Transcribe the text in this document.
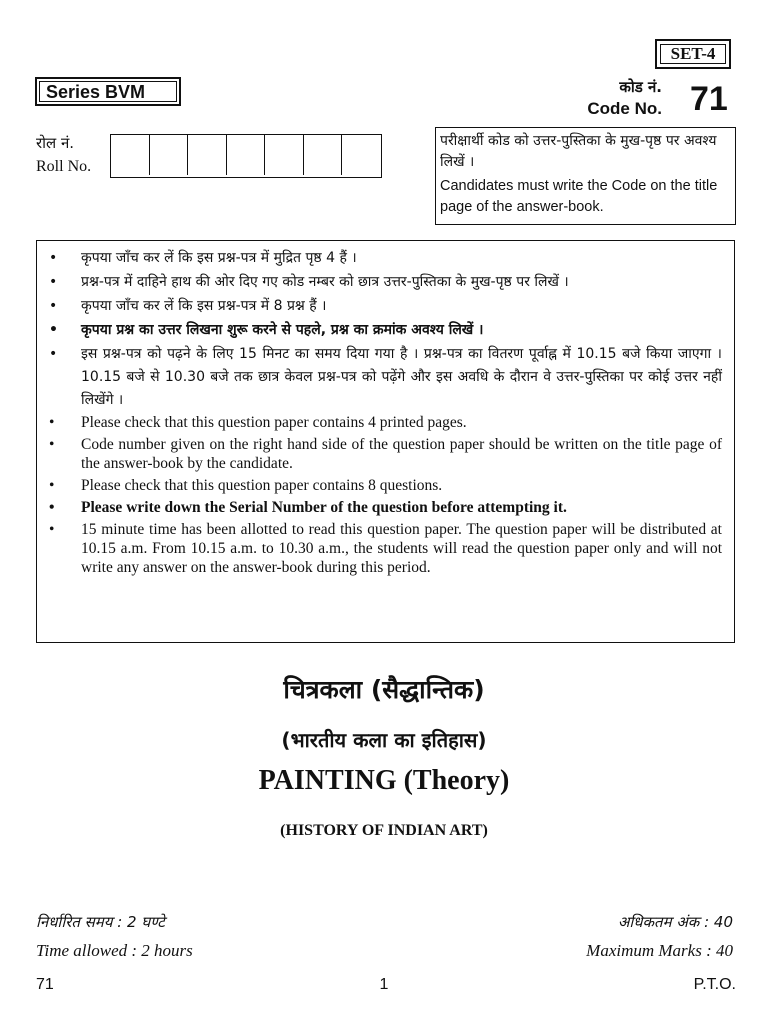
SET-4
Series BVM	कोड नं.
Code No. 71
रोल नं.
Roll No.
परीक्षार्थी कोड को उत्तर-पुस्तिका के मुख-पृष्ठ पर अवश्य लिखें ।
Candidates must write the Code on the title page of the answer-book.
• कृपया जाँच कर लें कि इस प्रश्न-पत्र में मुद्रित पृष्ठ 4 हैं ।
• प्रश्न-पत्र में दाहिने हाथ की ओर दिए गए कोड नम्बर को छात्र उत्तर-पुस्तिका के मुख-पृष्ठ पर लिखें ।
• कृपया जाँच कर लें कि इस प्रश्न-पत्र में 8 प्रश्न हैं ।
• कृपया प्रश्न का उत्तर लिखना शुरू करने से पहले, प्रश्न का क्रमांक अवश्य लिखें ।
• इस प्रश्न-पत्र को पढ़ने के लिए 15 मिनट का समय दिया गया है । प्रश्न-पत्र का वितरण पूर्वाह्न में 10.15 बजे किया जाएगा । 10.15 बजे से 10.30 बजे तक छात्र केवल प्रश्न-पत्र को पढ़ेंगे और इस अवधि के दौरान वे उत्तर-पुस्तिका पर कोई उत्तर नहीं लिखेंगे ।
• Please check that this question paper contains 4 printed pages.
• Code number given on the right hand side of the question paper should be written on the title page of the answer-book by the candidate.
• Please check that this question paper contains 8 questions.
• Please write down the Serial Number of the question before attempting it.
• 15 minute time has been allotted to read this question paper. The question paper will be distributed at 10.15 a.m. From 10.15 a.m. to 10.30 a.m., the students will read the question paper only and will not write any answer on the answer-book during this period.
चित्रकला (सैद्धान्तिक)
(भारतीय कला का इतिहास)
PAINTING (Theory)
(HISTORY OF INDIAN ART)
निर्धारित समय : 2 घण्टे
Time allowed : 2 hours
अधिकतम अंक : 40
Maximum Marks : 40
71	1	P.T.O.
